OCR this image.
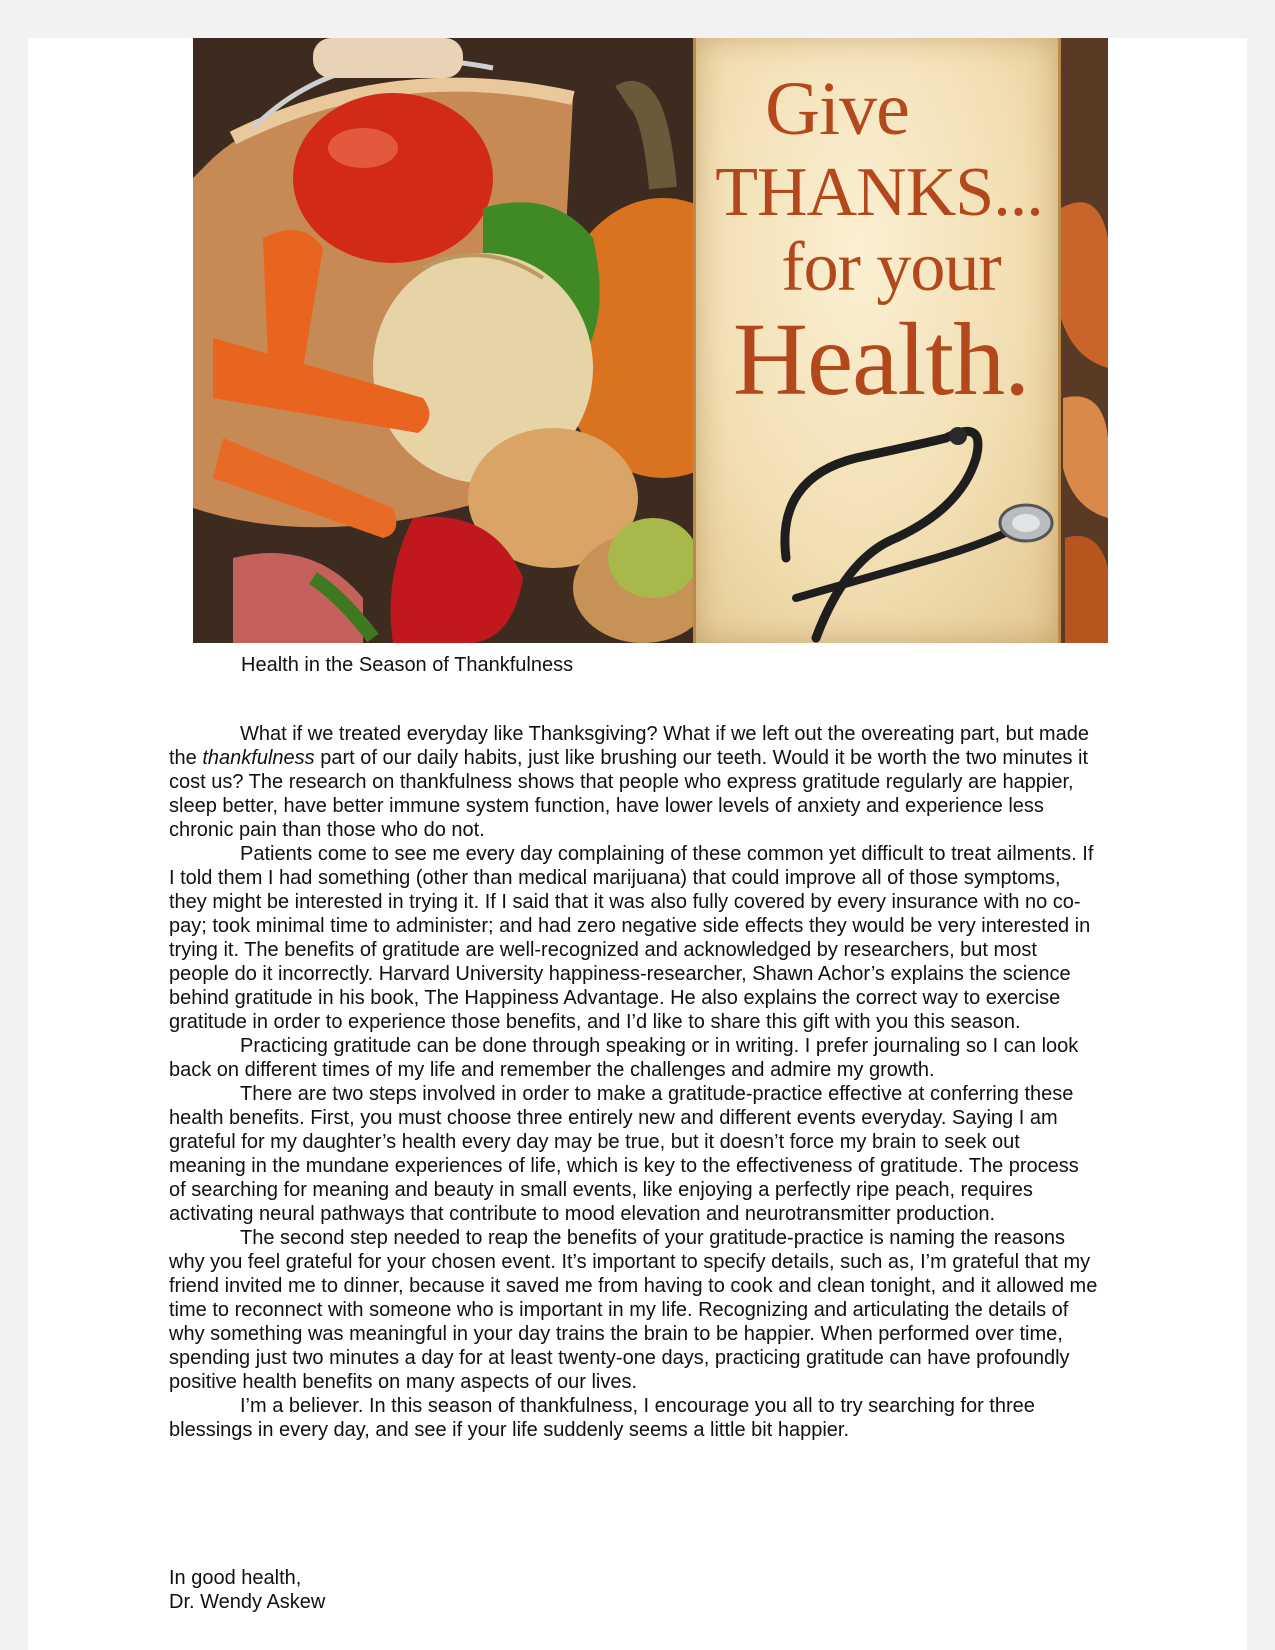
Give
THANKS...
for your
Health.
Health in the Season of Thankfulness

What if we treated everyday like Thanksgiving? What if we left out the overeating part, but made the thankfulness part of our daily habits, just like brushing our teeth. Would it be worth the two minutes it cost us? The research on thankfulness shows that people who express gratitude regularly are happier, sleep better, have better immune system function, have lower levels of anxiety and experience less chronic pain than those who do not.

Patients come to see me every day complaining of these common yet difficult to treat ailments. If I told them I had something (other than medical marijuana) that could improve all of those symptoms, they might be interested in trying it. If I said that it was also fully covered by every insurance with no co-pay; took minimal time to administer; and had zero negative side effects they would be very interested in trying it. The benefits of gratitude are well-recognized and acknowledged by researchers, but most people do it incorrectly. Harvard University happiness-researcher, Shawn Achor’s explains the science behind gratitude in his book, The Happiness Advantage. He also explains the correct way to exercise gratitude in order to experience those benefits, and I’d like to share this gift with you this season.

Practicing gratitude can be done through speaking or in writing. I prefer journaling so I can look back on different times of my life and remember the challenges and admire my growth.

There are two steps involved in order to make a gratitude-practice effective at conferring these health benefits. First, you must choose three entirely new and different events everyday. Saying I am grateful for my daughter’s health every day may be true, but it doesn’t force my brain to seek out meaning in the mundane experiences of life, which is key to the effectiveness of gratitude. The process of searching for meaning and beauty in small events, like enjoying a perfectly ripe peach, requires activating neural pathways that contribute to mood elevation and neurotransmitter production.

The second step needed to reap the benefits of your gratitude-practice is naming the reasons why you feel grateful for your chosen event. It’s important to specify details, such as, I’m grateful that my friend invited me to dinner, because it saved me from having to cook and clean tonight, and it allowed me time to reconnect with someone who is important in my life. Recognizing and articulating the details of why something was meaningful in your day trains the brain to be happier. When performed over time, spending just two minutes a day for at least twenty-one days, practicing gratitude can have profoundly positive health benefits on many aspects of our lives.

I’m a believer. In this season of thankfulness, I encourage you all to try searching for three blessings in every day, and see if your life suddenly seems a little bit happier.

In good health,
Dr. Wendy Askew
